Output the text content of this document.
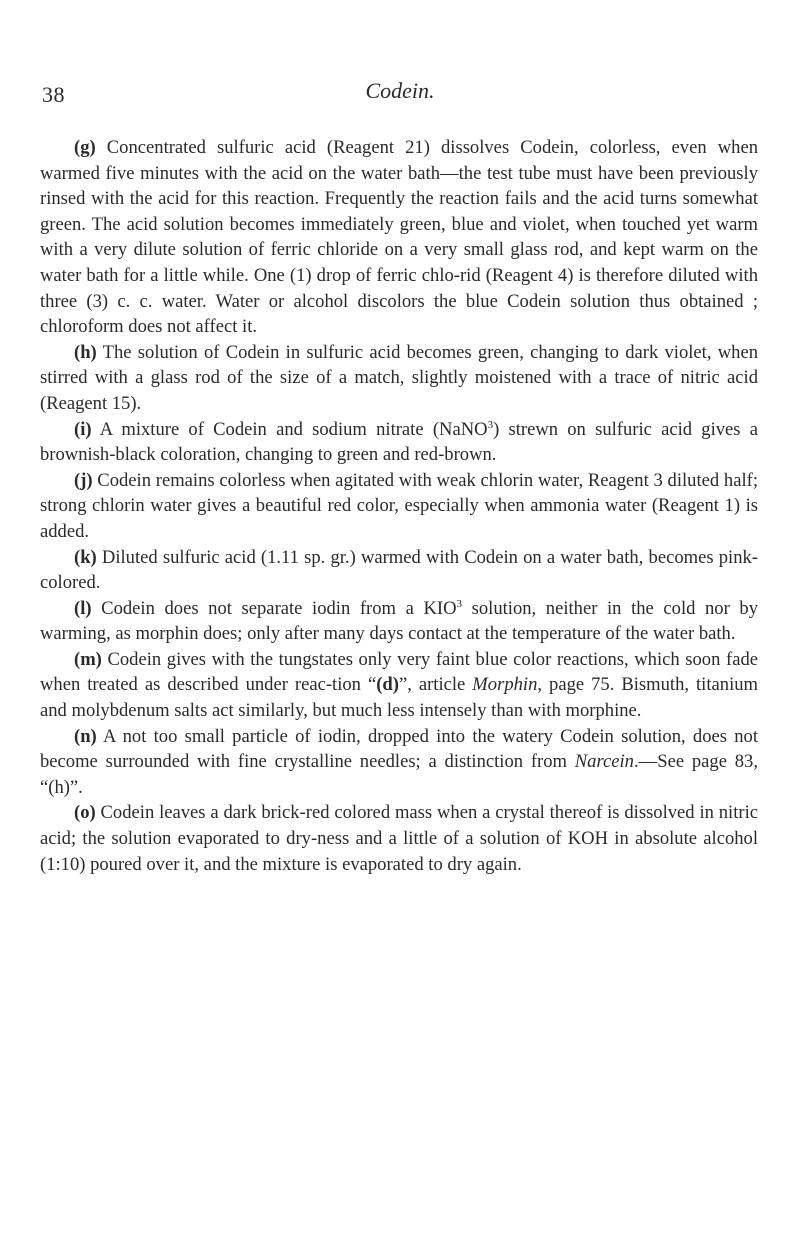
38	Codein.

(g) Concentrated sulfuric acid (Reagent 21) dissolves Codein, colorless, even when warmed five minutes with the acid on the water bath—the test tube must have been previously rinsed with the acid for this reaction. Frequently the reaction fails and the acid turns somewhat green. The acid solution becomes immediately green, blue and violet, when touched yet warm with a very dilute solution of ferric chloride on a very small glass rod, and kept warm on the water bath for a little while. One (1) drop of ferric chlo-rid (Reagent 4) is therefore diluted with three (3) c. c. water. Water or alcohol discolors the blue Codein solution thus obtained ; chloroform does not affect it.

(h) The solution of Codein in sulfuric acid becomes green, changing to dark violet, when stirred with a glass rod of the size of a match, slightly moistened with a trace of nitric acid (Reagent 15).

(i) A mixture of Codein and sodium nitrate (NaNO$^3$) strewn on sulfuric acid gives a brownish-black coloration, changing to green and red-brown.

(j) Codein remains colorless when agitated with weak chlorin water, Reagent 3 diluted half; strong chlorin water gives a beautiful red color, especially when ammonia water (Reagent 1) is added.

(k) Diluted sulfuric acid (1.11 sp. gr.) warmed with Codein on a water bath, becomes pink-colored.

(l) Codein does not separate iodin from a KIO$^3$ solution, neither in the cold nor by warming, as morphin does; only after many days contact at the temperature of the water bath.

(m) Codein gives with the tungstates only very faint blue color reactions, which soon fade when treated as described under reac-tion “(d)”, article Morphin, page 75. Bismuth, titanium and molybdenum salts act similarly, but much less intensely than with morphine.

(n) A not too small particle of iodin, dropped into the watery Codein solution, does not become surrounded with fine crystalline needles; a distinction from Narcein.—See page 83, “(h)”.

(o) Codein leaves a dark brick-red colored mass when a crystal thereof is dissolved in nitric acid; the solution evaporated to dry-ness and a little of a solution of KOH in absolute alcohol (1:10) poured over it, and the mixture is evaporated to dry again.
